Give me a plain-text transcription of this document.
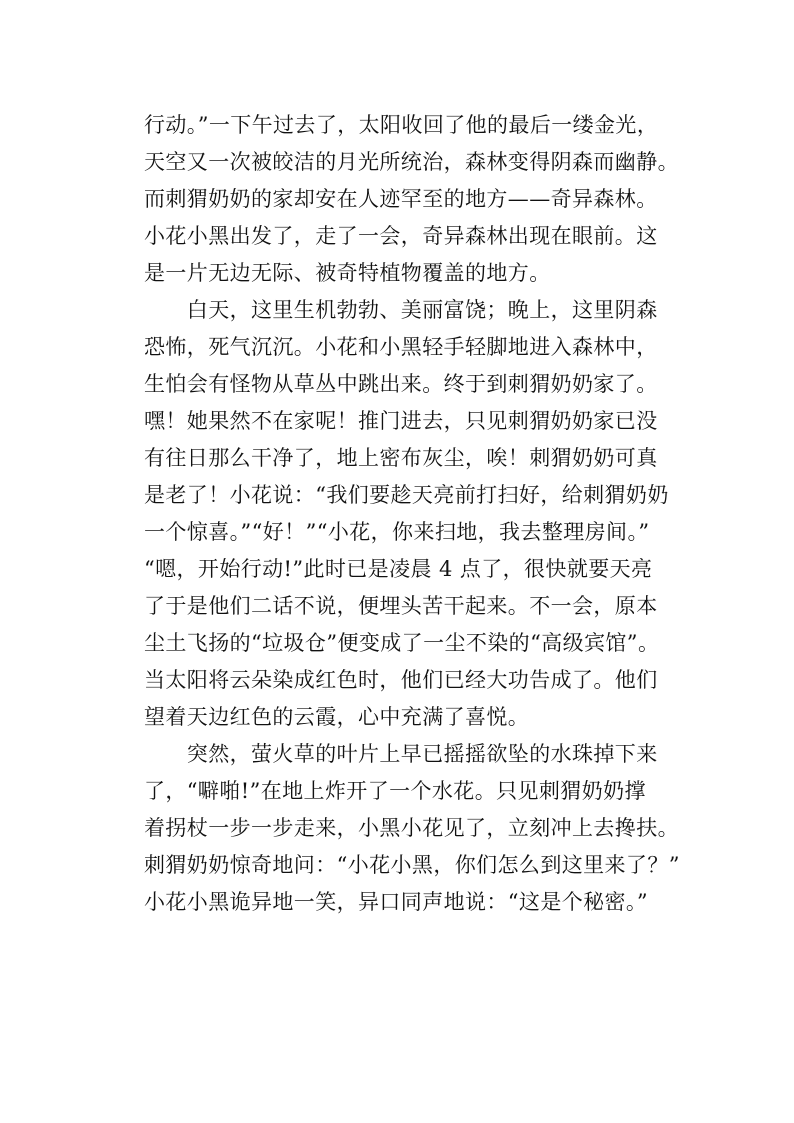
行动。”一下午过去了，太阳收回了他的最后一缕金光，
天空又一次被皎洁的月光所统治，森林变得阴森而幽静。
而刺猬奶奶的家却安在人迹罕至的地方——奇异森林。
小花小黑出发了，走了一会，奇异森林出现在眼前。这
是一片无边无际、被奇特植物覆盖的地方。
　　白天，这里生机勃勃、美丽富饶；晚上，这里阴森
恐怖，死气沉沉。小花和小黑轻手轻脚地进入森林中，
生怕会有怪物从草丛中跳出来。终于到刺猬奶奶家了。
嘿！她果然不在家呢！推门进去，只见刺猬奶奶家已没
有往日那么干净了，地上密布灰尘，唉！刺猬奶奶可真
是老了！小花说：“我们要趁天亮前打扫好，给刺猬奶奶
一个惊喜。”“好！”“小花，你来扫地，我去整理房间。”
“嗯，开始行动!”此时已是凌晨 4 点了，很快就要天亮
了于是他们二话不说，便埋头苦干起来。不一会，原本
尘土飞扬的“垃圾仓”便变成了一尘不染的“高级宾馆”。
当太阳将云朵染成红色时，他们已经大功告成了。他们
望着天边红色的云霞，心中充满了喜悦。
　　突然，萤火草的叶片上早已摇摇欲坠的水珠掉下来
了，“噼啪!”在地上炸开了一个水花。只见刺猬奶奶撑
着拐杖一步一步走来，小黑小花见了，立刻冲上去搀扶。
刺猬奶奶惊奇地问：“小花小黑，你们怎么到这里来了？”
小花小黑诡异地一笑，异口同声地说：“这是个秘密。”
